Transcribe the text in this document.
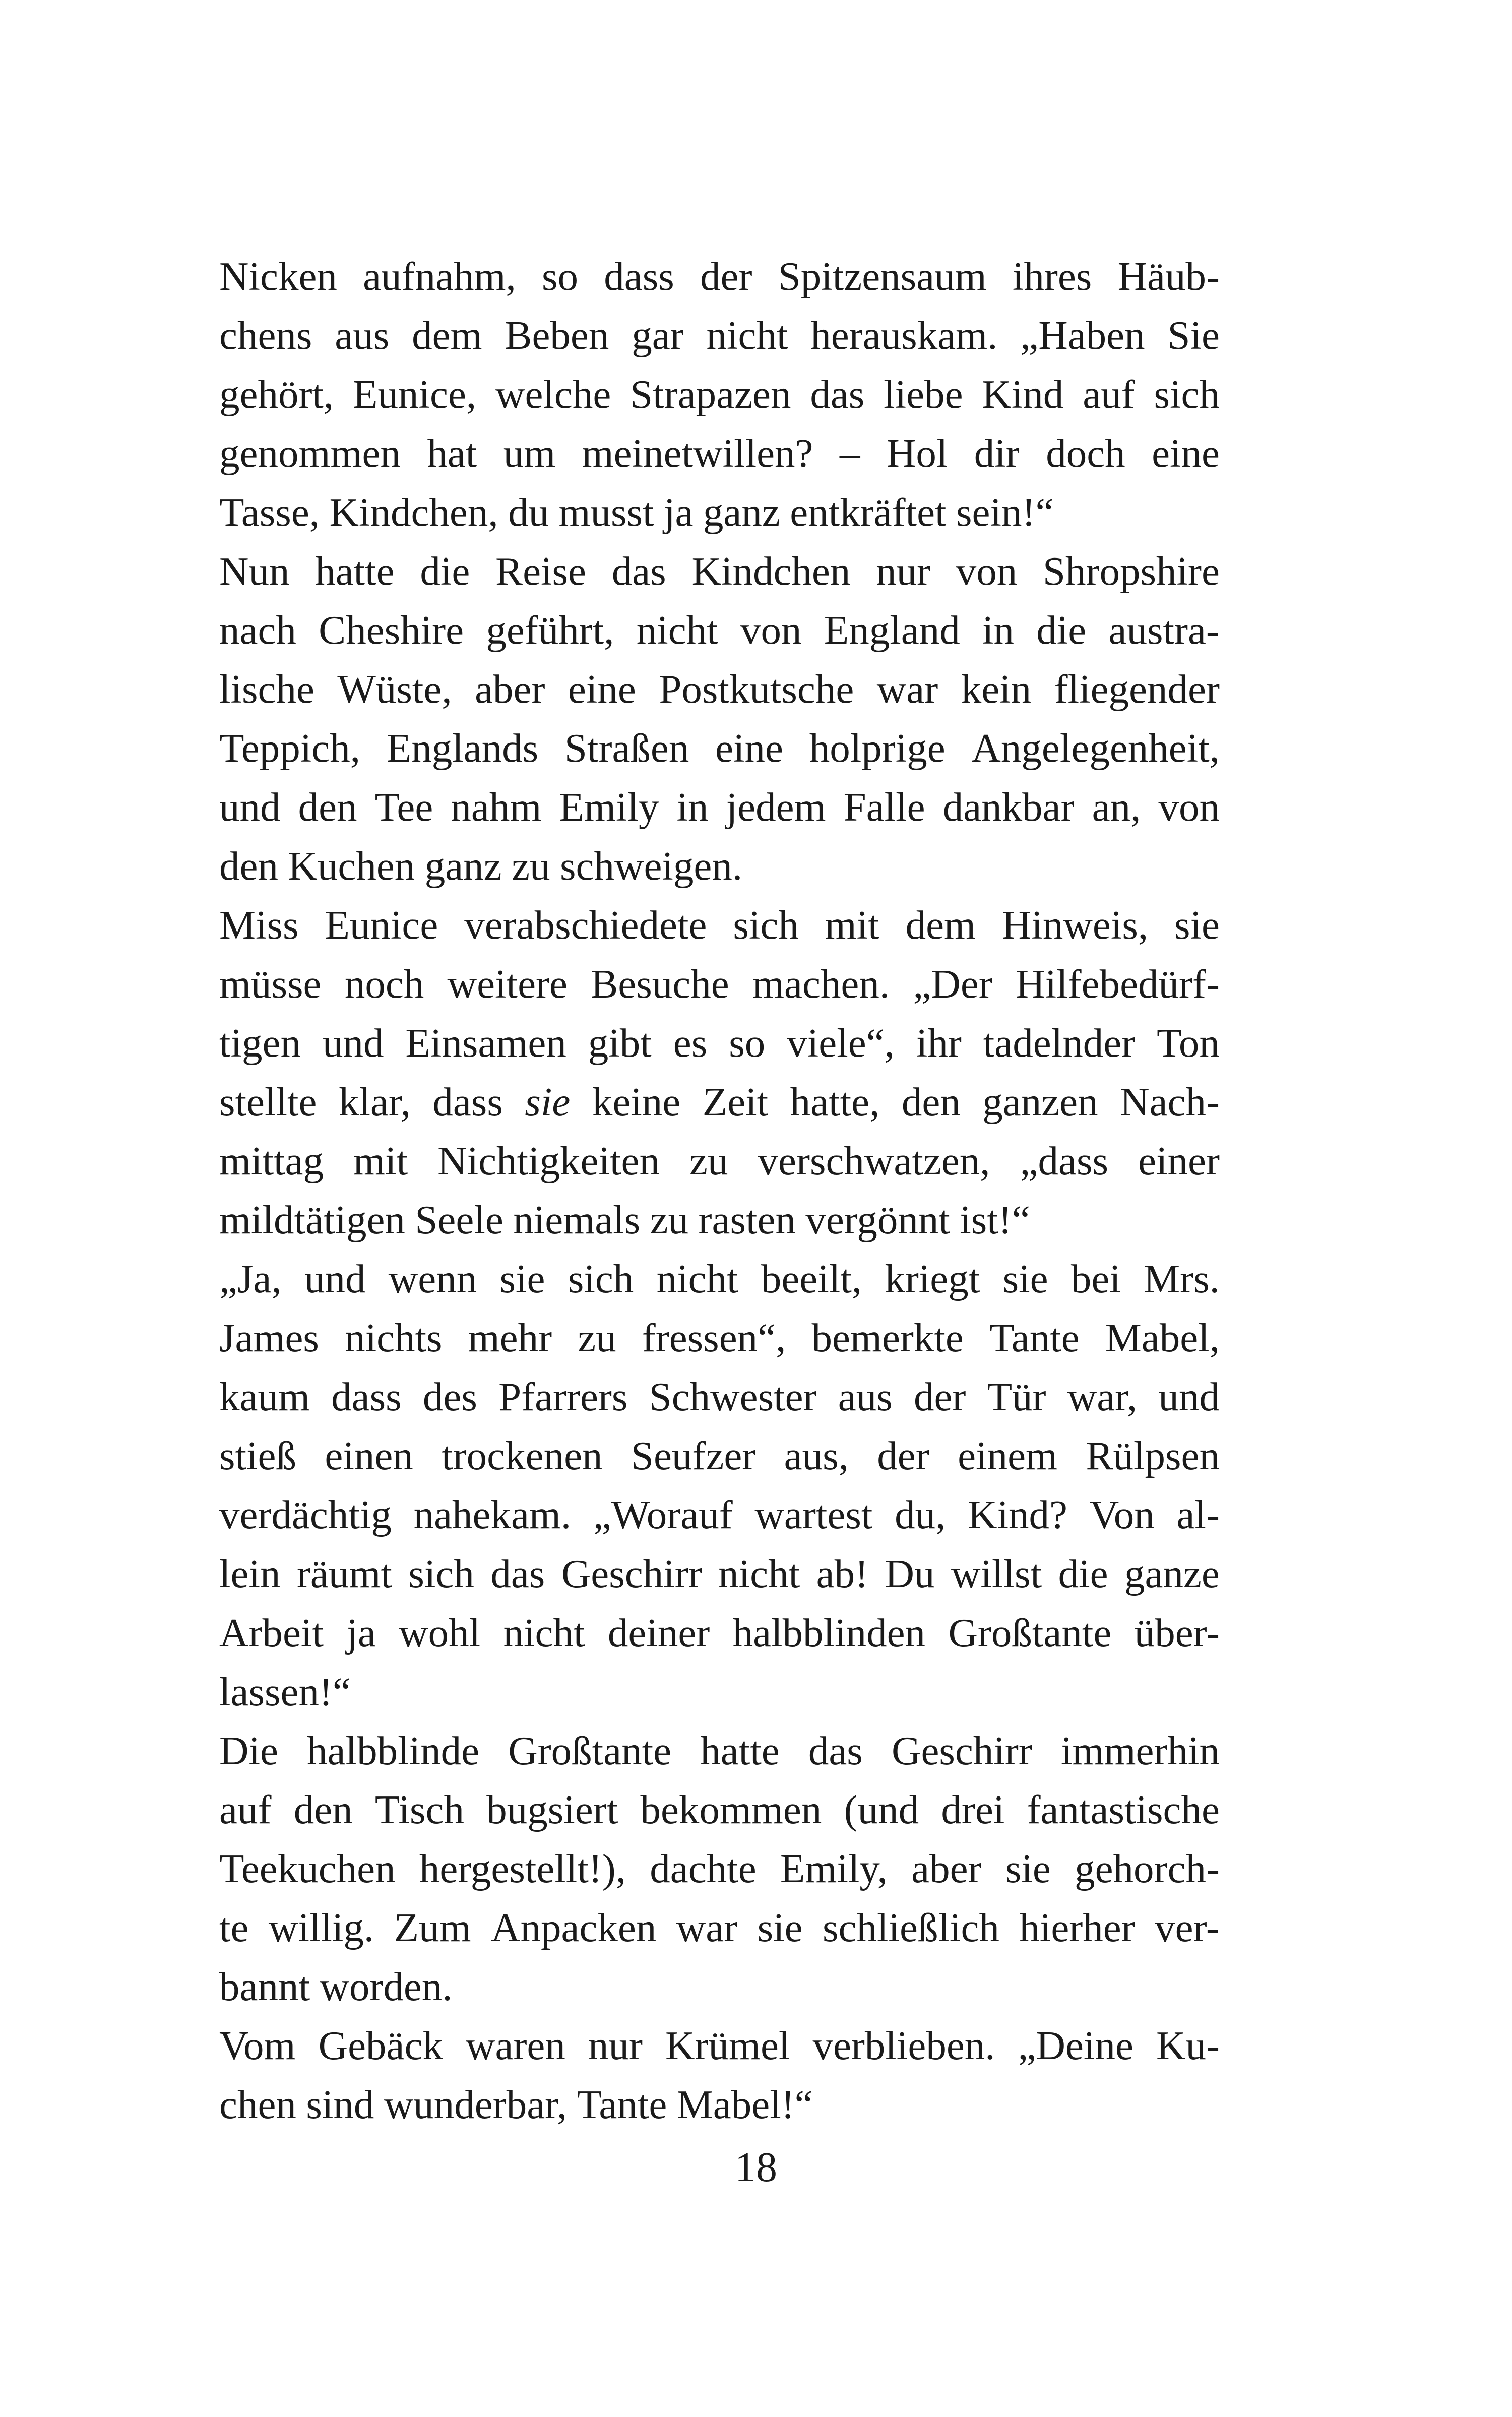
Nicken aufnahm, so dass der Spitzensaum ihres Häub-
chens aus dem Beben gar nicht herauskam. „Haben Sie
gehört, Eunice, welche Strapazen das liebe Kind auf sich
genommen hat um meinetwillen? – Hol dir doch eine
Tasse, Kindchen, du musst ja ganz entkräftet sein!“
Nun hatte die Reise das Kindchen nur von Shropshire
nach Cheshire geführt, nicht von England in die austra-
lische Wüste, aber eine Postkutsche war kein fliegender
Teppich, Englands Straßen eine holprige Angelegenheit,
und den Tee nahm Emily in jedem Falle dankbar an, von
den Kuchen ganz zu schweigen.
Miss Eunice verabschiedete sich mit dem Hinweis, sie
müsse noch weitere Besuche machen. „Der Hilfebedürf-
tigen und Einsamen gibt es so viele“, ihr tadelnder Ton
stellte klar, dass sie keine Zeit hatte, den ganzen Nach-
mittag mit Nichtigkeiten zu verschwatzen, „dass einer
mildtätigen Seele niemals zu rasten vergönnt ist!“
„Ja, und wenn sie sich nicht beeilt, kriegt sie bei Mrs.
James nichts mehr zu fressen“, bemerkte Tante Mabel,
kaum dass des Pfarrers Schwester aus der Tür war, und
stieß einen trockenen Seufzer aus, der einem Rülpsen
verdächtig nahekam. „Worauf wartest du, Kind? Von al-
lein räumt sich das Geschirr nicht ab! Du willst die ganze
Arbeit ja wohl nicht deiner halbblinden Großtante über-
lassen!“
Die halbblinde Großtante hatte das Geschirr immerhin
auf den Tisch bugsiert bekommen (und drei fantastische
Teekuchen hergestellt!), dachte Emily, aber sie gehorch-
te willig. Zum Anpacken war sie schließlich hierher ver-
bannt worden.
Vom Gebäck waren nur Krümel verblieben. „Deine Ku-
chen sind wunderbar, Tante Mabel!“
18
